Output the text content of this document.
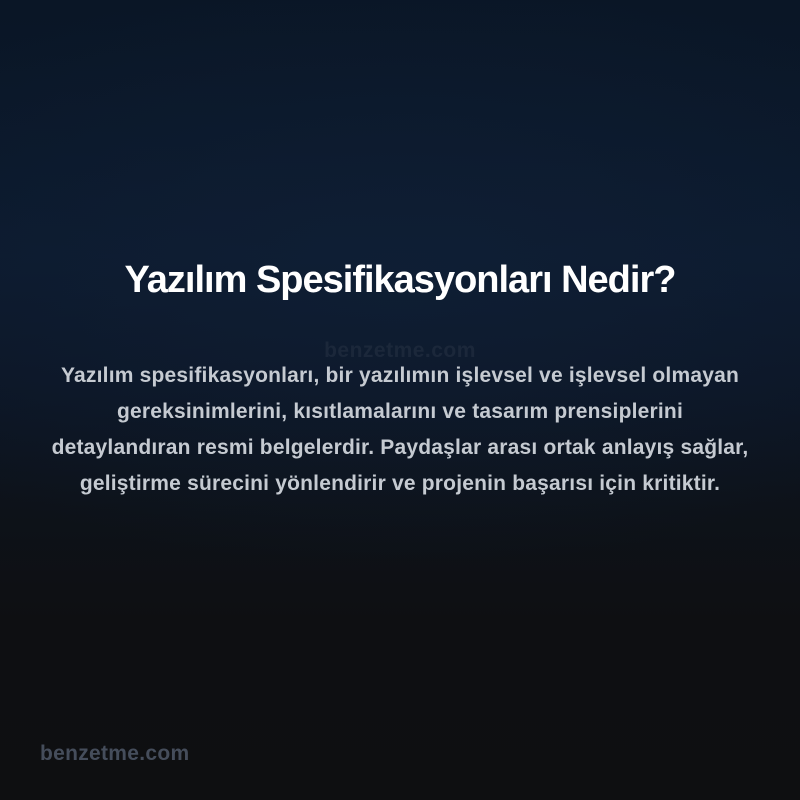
Yazılım Spesifikasyonları Nedir?
benzetme.com

Yazılım spesifikasyonları, bir yazılımın işlevsel ve işlevsel olmayan gereksinimlerini, kısıtlamalarını ve tasarım prensiplerini detaylandıran resmi belgelerdir. Paydaşlar arası ortak anlayış sağlar, geliştirme sürecini yönlendirir ve projenin başarısı için kritiktir.

benzetme.com
